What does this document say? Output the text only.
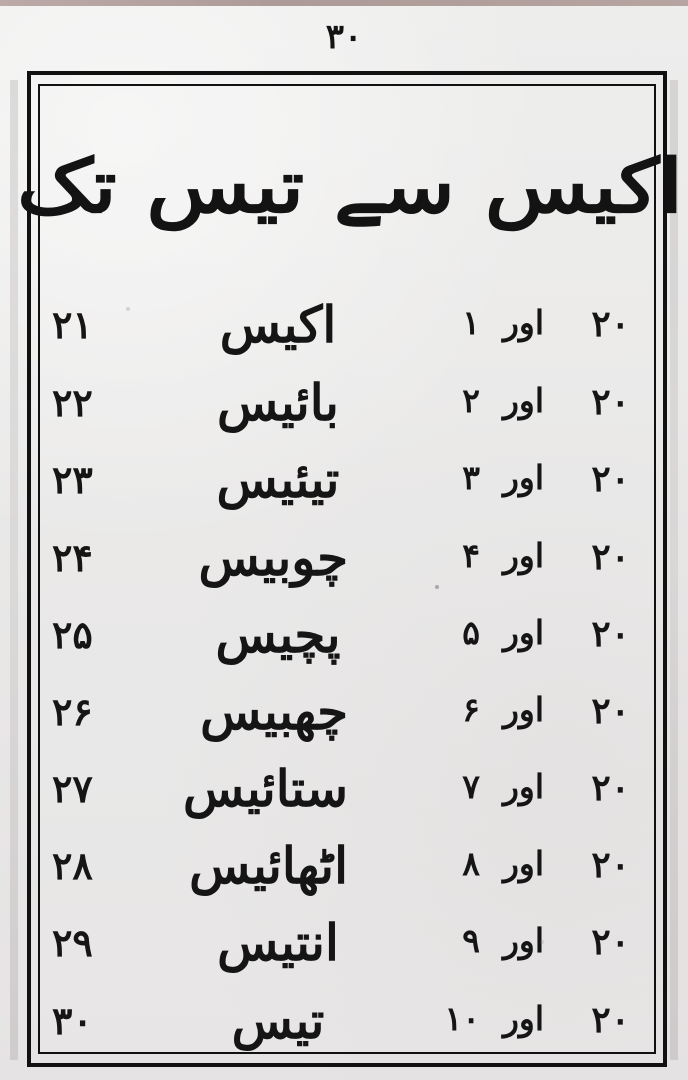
۳۰
اکیس سے تیس تک
۲۰
اور
۱
اکیس
۲۱
۲۰
اور
۲
بائیس
۲۲
۲۰
اور
۳
تیئیس
۲۳
۲۰
اور
۴
چوبیس
۲۴
۲۰
اور
۵
پچیس
۲۵
۲۰
اور
۶
چھبیس
۲۶
۲۰
اور
۷
ستائیس
۲۷
۲۰
اور
۸
اٹھائیس
۲۸
۲۰
اور
۹
انتیس
۲۹
۲۰
اور
۱۰
تیس
۳۰
